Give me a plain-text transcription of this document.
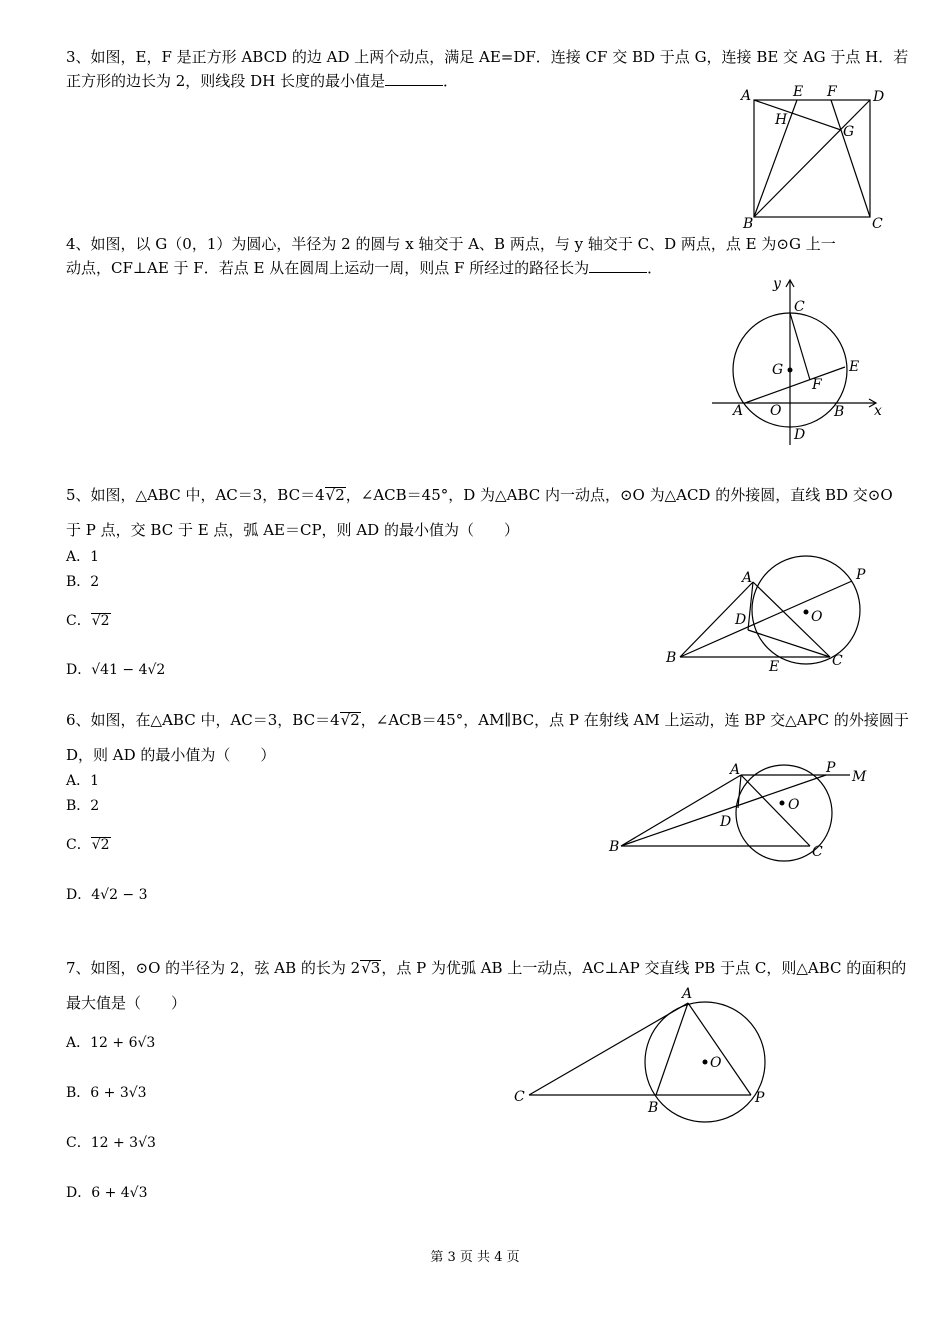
3、如图，E，F 是正方形 ABCD 的边 AD 上两个动点，满足 AE=DF．连接 CF 交 BD 于点 G，连接 BE 交 AG 于点 H．若
正方形的边长为 2，则线段 DH 长度的最小值是	．
A	E F	D
H
G
B	C
4、如图，以 G（0，1）为圆心，半径为 2 的圆与 x 轴交于 A、B 两点，与 y 轴交于 C、D 两点，点 E 为⊙G 上一
动点，CF⊥AE 于 F．若点 E 从在圆周上运动一周，则点 F 所经过的路径长为	．
y
x
C
G	E
F
A O	B
D
5、如图，△ABC 中，AC＝3，BC＝4√2，∠ACB＝45°，D 为△ABC 内一动点，⊙O 为△ACD 的外接圆，直线 BD 交⊙O
于 P 点，交 BC 于 E 点，弧 AE＝CP，则 AD 的最小值为（　　）
A．1
B．2
C．√2
D．√41 − 4√2
A	P
D	O
B
E	C
6、如图，在△ABC 中，AC＝3，BC＝4√2，∠ACB＝45°，AM∥BC，点 P 在射线 AM 上运动，连 BP 交△APC 的外接圆于
D，则 AD 的最小值为（　　）
A．1
B．2
C．√2
D．4√2 − 3
A	P
M
O
D
B	C
7、如图，⊙O 的半径为 2，弦 AB 的长为 2√3，点 P 为优弧 AB 上一动点，AC⊥AP 交直线 PB 于点 C，则△ABC 的面积的
最大值是（　　）
A．12 + 6√3
B．6 + 3√3
C．12 + 3√3
D．6 + 4√3
A
O
C
B
P
第 3 页 共 4 页
